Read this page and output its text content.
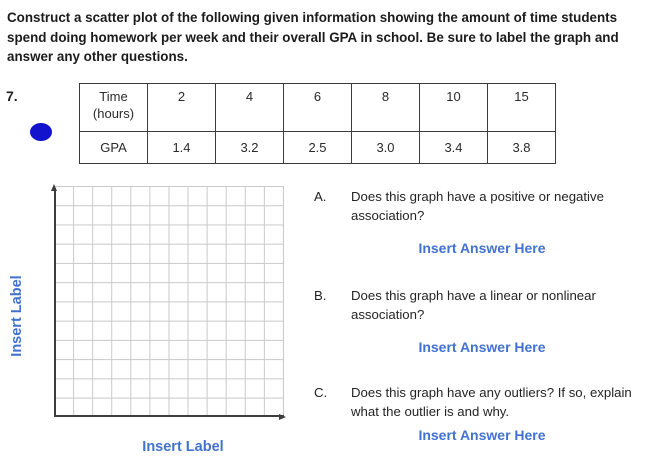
Construct a scatter plot of the following given information showing the amount of time students spend doing homework per week and their overall GPA in school. Be sure to label the graph and answer any other questions.
7.	Time (hours)	2	4	6	8	10	15
GPA	1.4	3.2	2.5	3.0	3.4	3.8
Insert Label
Insert Label
A.	Does this graph have a positive or negative association?
Insert Answer Here
B.	Does this graph have a linear or nonlinear association?
Insert Answer Here
C.	Does this graph have any outliers? If so, explain what the outlier is and why.
Insert Answer Here
